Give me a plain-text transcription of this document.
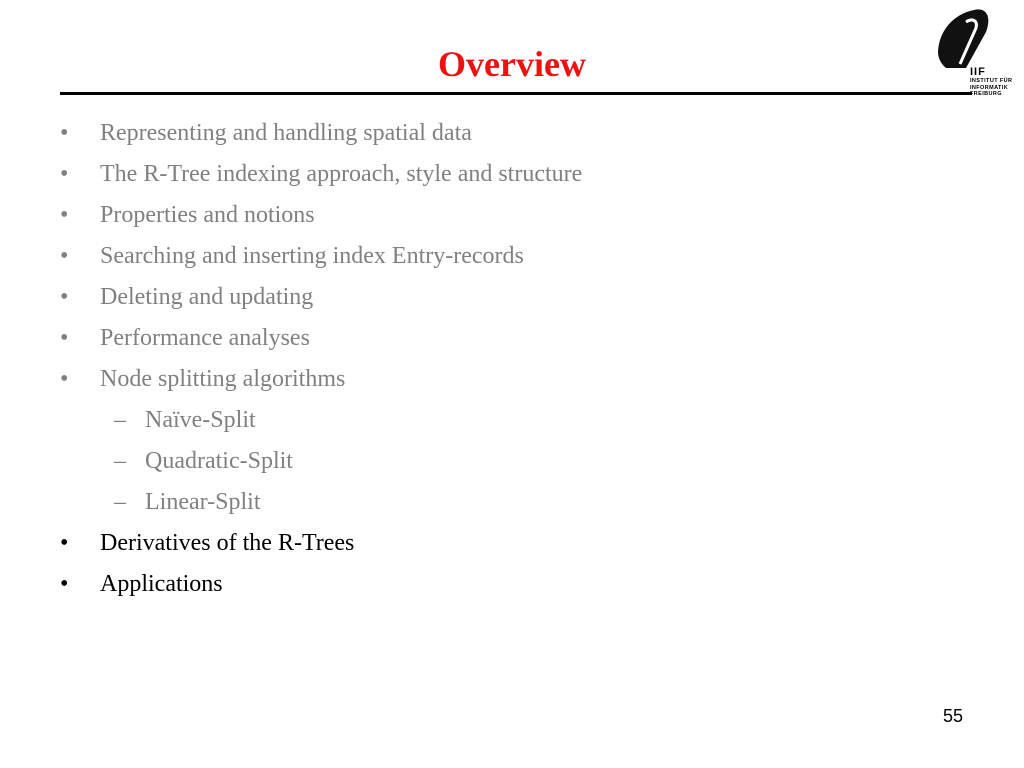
Overview	IIF
INSTITUT FÜR
INFORMATIK
FREIBURG
• Representing and handling spatial data
• The R-Tree indexing approach, style and structure
• Properties and notions
• Searching and inserting index Entry-records
• Deleting and updating
• Performance analyses
• Node splitting algorithms
– Naïve-Split
– Quadratic-Split
– Linear-Split
• Derivatives of the R-Trees
• Applications
55
